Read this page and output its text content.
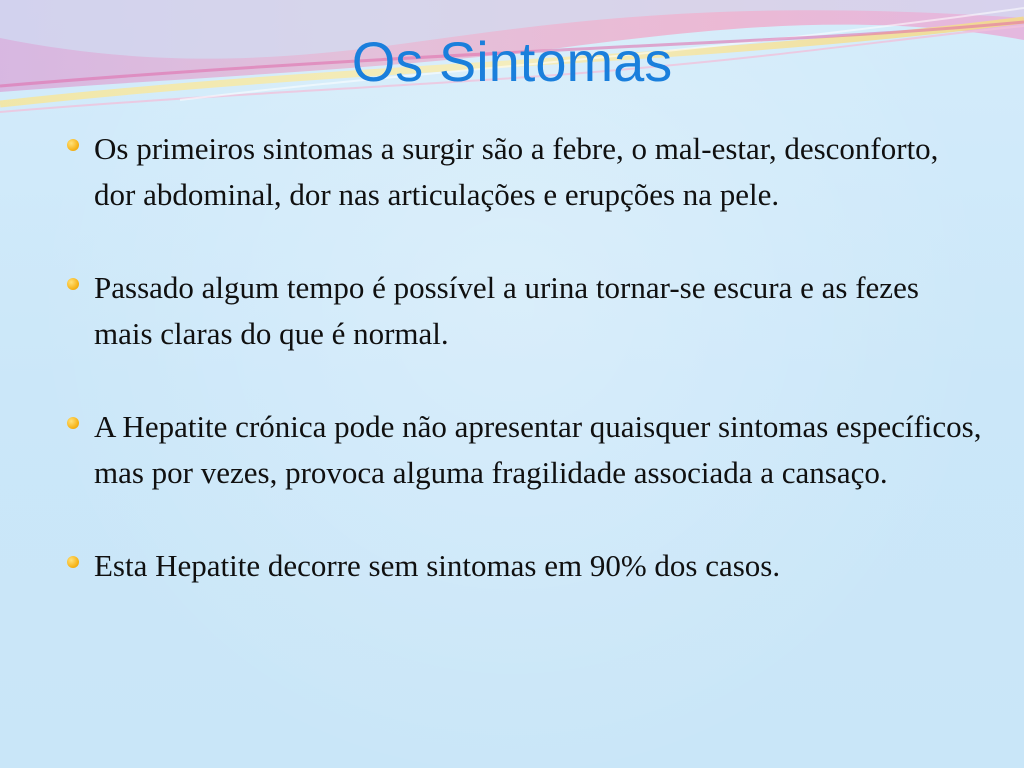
Os Sintomas
Os primeiros sintomas a surgir são a febre, o mal-estar, desconforto, dor abdominal, dor nas articulações e erupções na pele.
Passado algum tempo é possível a urina tornar-se escura e as fezes mais claras do que é normal.
A Hepatite crónica pode não apresentar quaisquer sintomas específicos, mas por vezes, provoca alguma fragilidade associada a cansaço.
Esta Hepatite decorre sem sintomas em 90% dos casos.
